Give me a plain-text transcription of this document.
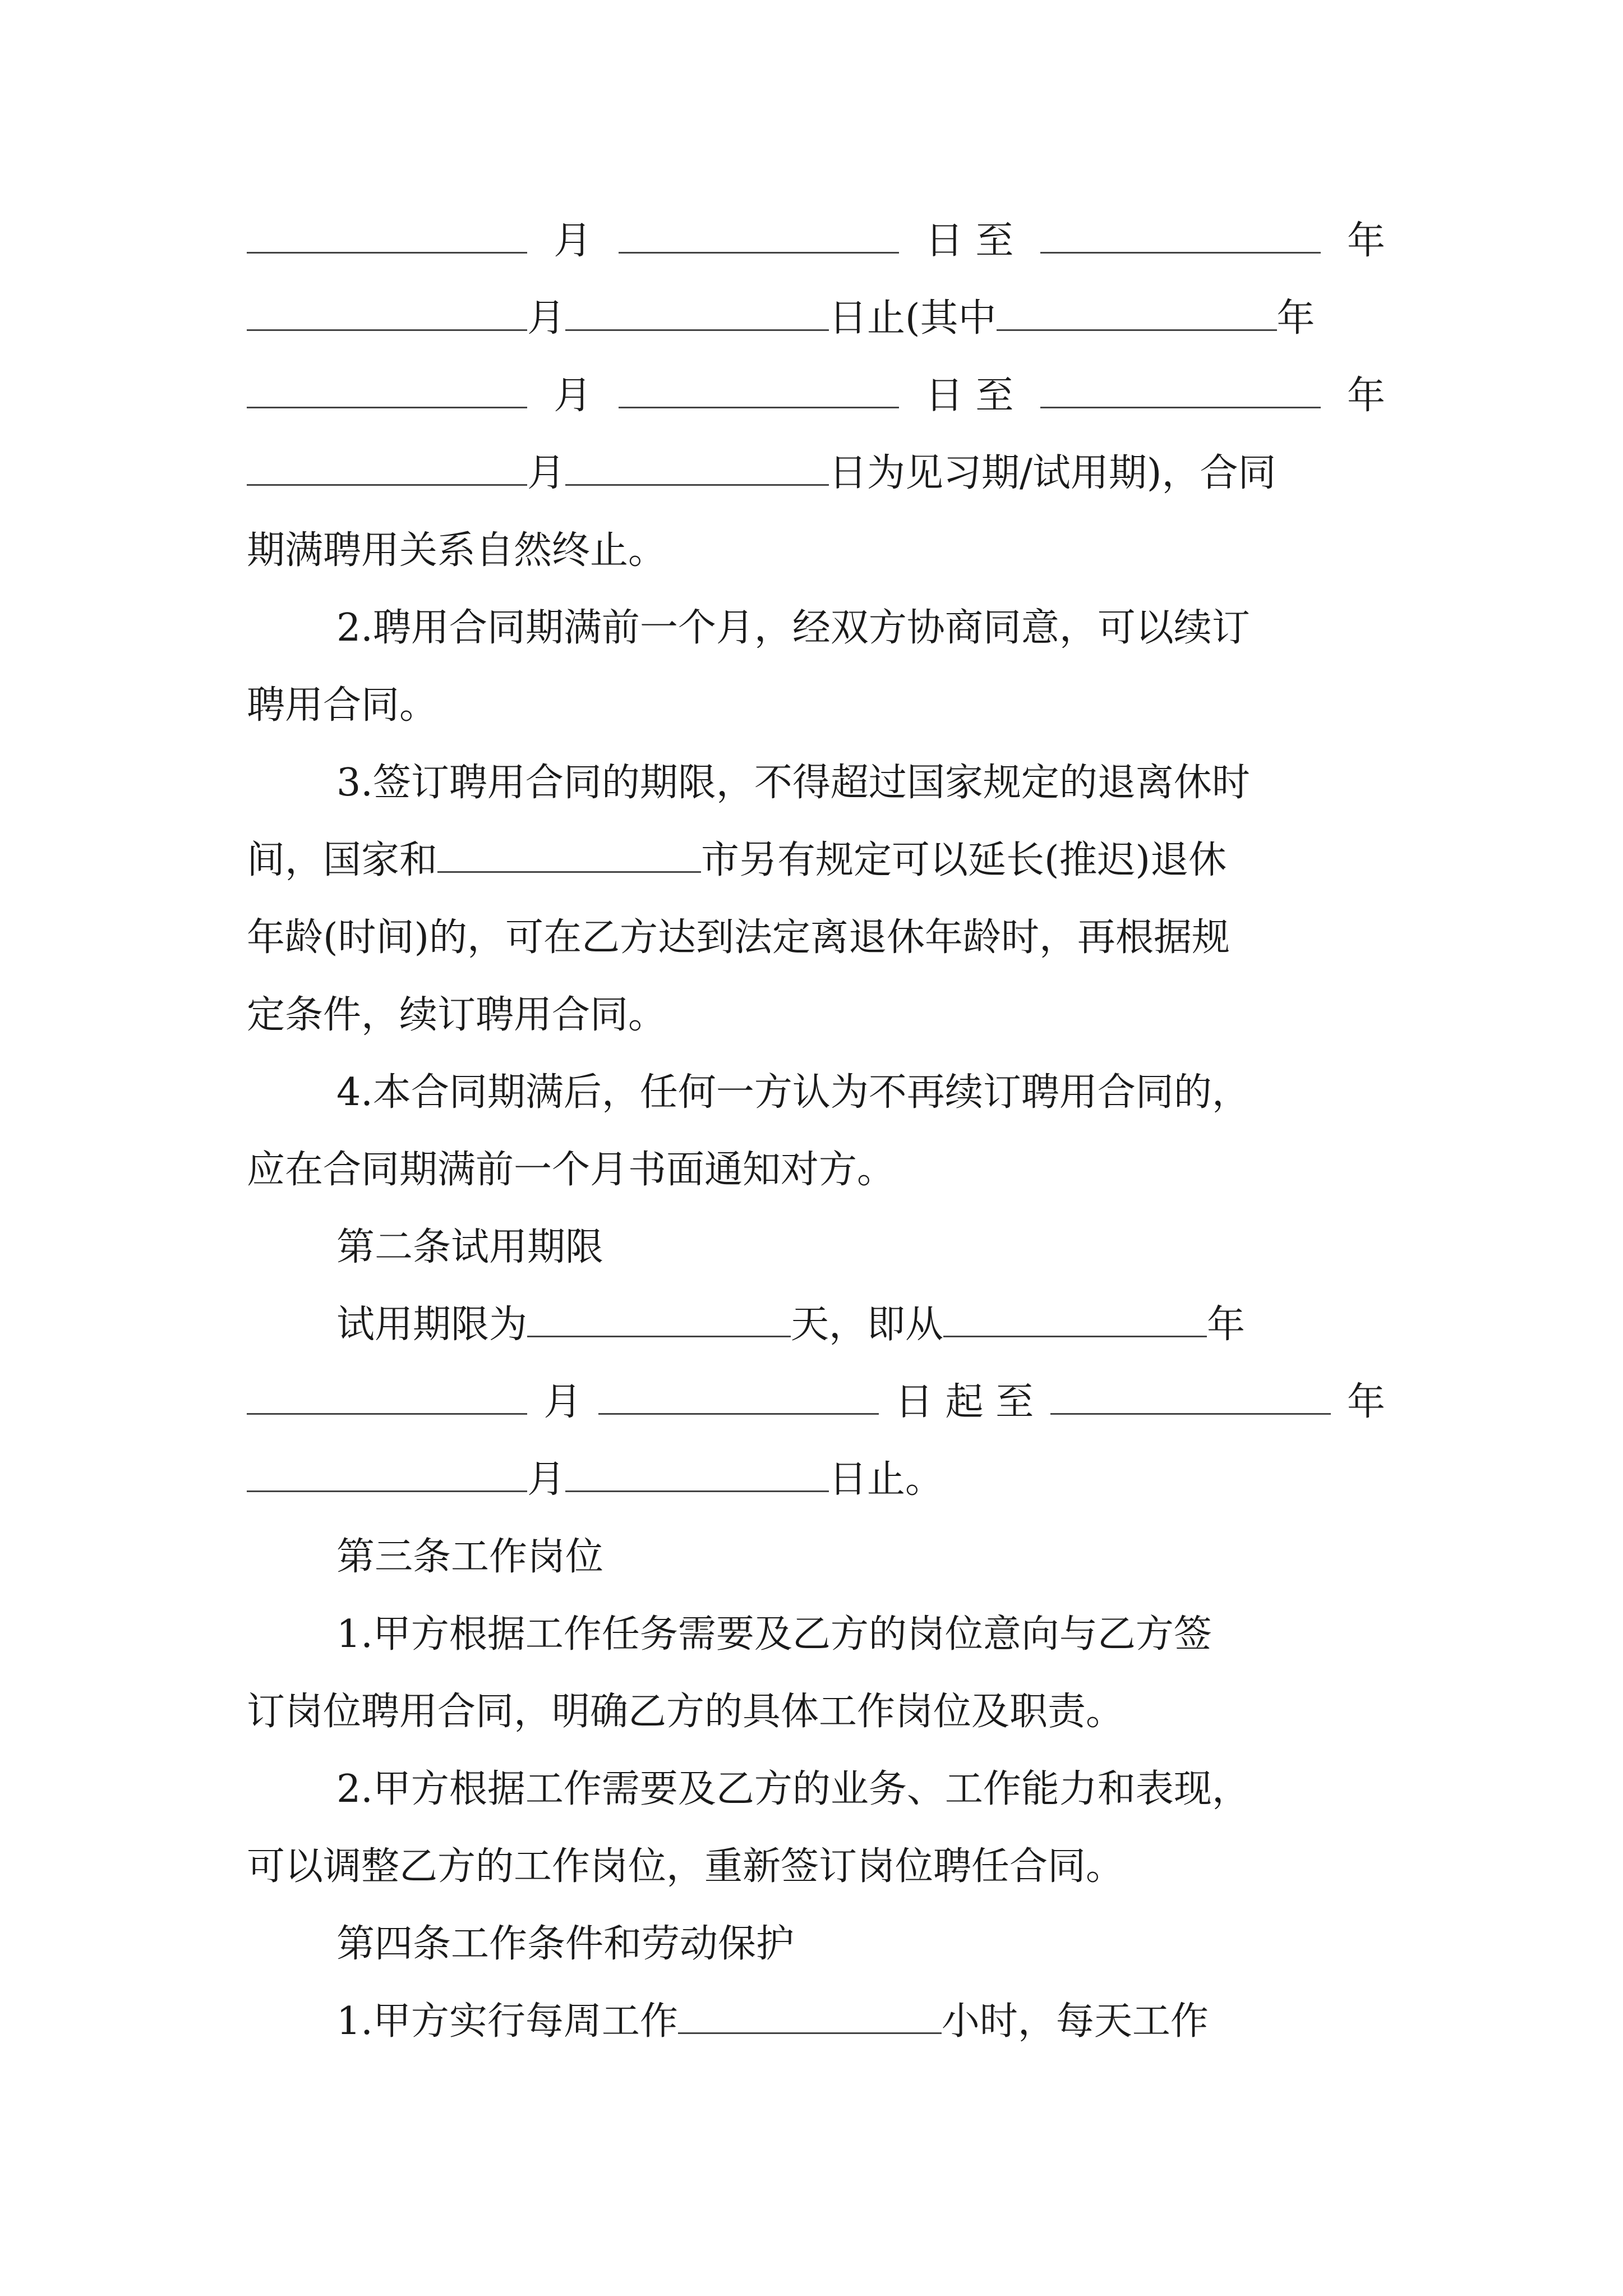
月	日 至	年
月	日止(其中	年
月	日 至	年
月	日为见习期/试用期)，合同
期满聘用关系自然终止。
2.聘用合同期满前一个月，经双方协商同意，可以续订
聘用合同。
3.签订聘用合同的期限，不得超过国家规定的退离休时
间，国家和	市另有规定可以延长(推迟)退休
年龄(时间)的，可在乙方达到法定离退休年龄时，再根据规
定条件，续订聘用合同。
4.本合同期满后，任何一方认为不再续订聘用合同的，
应在合同期满前一个月书面通知对方。
第二条试用期限
试用期限为	天，即从	年
月	日 起 至	年
月	日止。
第三条工作岗位
1.甲方根据工作任务需要及乙方的岗位意向与乙方签
订岗位聘用合同，明确乙方的具体工作岗位及职责。
2.甲方根据工作需要及乙方的业务、工作能力和表现，
可以调整乙方的工作岗位，重新签订岗位聘任合同。
第四条工作条件和劳动保护
1.甲方实行每周工作	小时，每天工作
